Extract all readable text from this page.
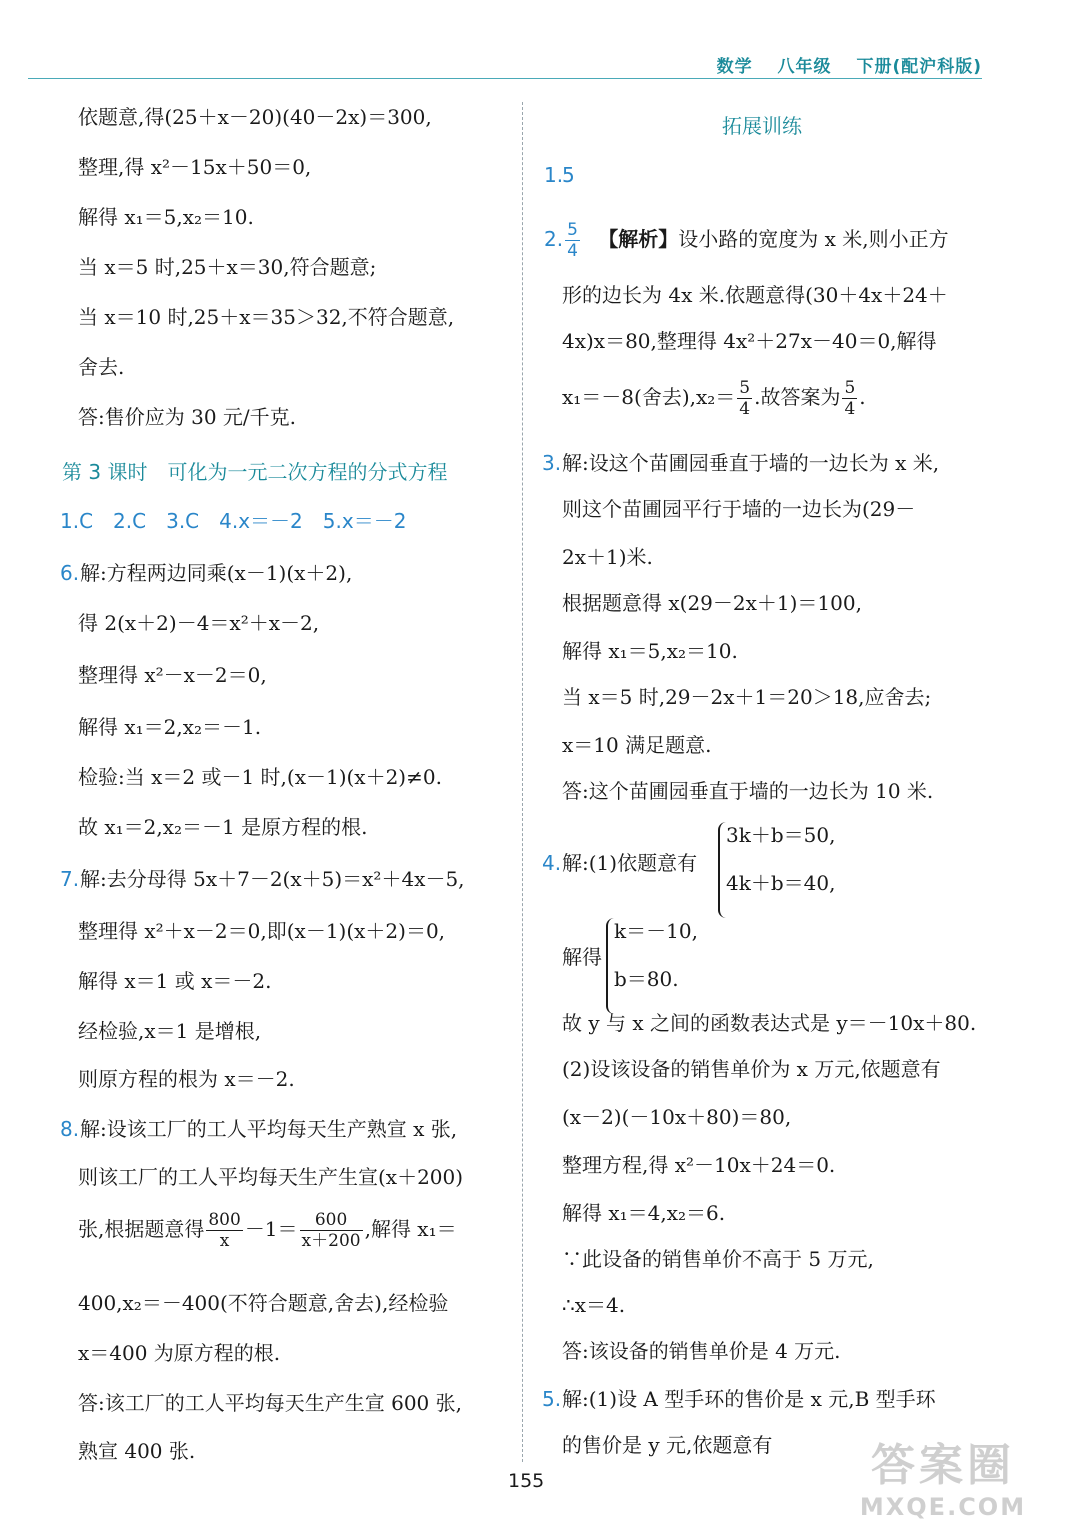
数学 八年级 下册(配沪科版)
依题意,得(25＋x－20)(40－2x)＝300,
整理,得 x²－15x＋50＝0,
解得 x₁＝5,x₂＝10.
当 x＝5 时,25＋x＝30,符合题意;
当 x＝10 时,25＋x＝35＞32,不符合题意,
舍去.
答:售价应为 30 元/千克.
第 3 课时　可化为一元二次方程的分式方程
1.C　2.C　3.C　4.x＝－2　5.x＝－2
6. 解:方程两边同乘(x－1)(x＋2),
得 2(x＋2)－4＝x²＋x－2,
整理得 x²－x－2＝0,
解得 x₁＝2,x₂＝－1.
检验:当 x＝2 或－1 时,(x－1)(x＋2)≠0.
故 x₁＝2,x₂＝－1 是原方程的根.
7. 解:去分母得 5x＋7－2(x＋5)＝x²＋4x－5,
整理得 x²＋x－2＝0,即(x－1)(x＋2)＝0,
解得 x＝1 或 x＝－2.
经检验,x＝1 是增根,
则原方程的根为 x＝－2.
8. 解:设该工厂的工人平均每天生产熟宣 x 张,
则该工厂的工人平均每天生产生宣(x＋200)
张,根据题意得 $\frac{800}{x} -1= \frac{600}{x+200}$ ,解得 x₁＝
400,x₂＝－400(不符合题意,舍去),经检验
x＝400 为原方程的根.
答:该工厂的工人平均每天生产生宣 600 张,
熟宣 400 张.
拓展训练
1.
5
2. $\frac{5}{4}$ 【解析】设小路的宽度为 x 米,则小正方
形的边长为 4x 米.依题意得(30＋4x＋24＋
4x)x＝80,整理得 4x²＋27x－40＝0,解得
x₁＝－8(舍去)$,x_2= \frac{5}{4}$ .故答案为 $\frac{5}{4}$ .
3. 解:设这个苗圃园垂直于墙的一边长为 x 米,
则这个苗圃园平行于墙的一边长为(29－
2x＋1)米.
根据题意得 x(29－2x＋1)＝100,
解得 x₁＝5,x₂＝10.
当 x＝5 时,29－2x＋1＝20＞18,应舍去;
x＝10 满足题意.
答:这个苗圃园垂直于墙的一边长为 10 米.
4. 解:(1)依题意有
3k＋b＝50,
4k＋b＝40,
解得
k＝－10,
b＝80.
故 y 与 x 之间的函数表达式是 y＝－10x＋80.
(2)设该设备的销售单价为 x 万元,依题意有
(x－2)(－10x＋80)＝80,
整理方程,得 x²－10x＋24＝0.
解得 x₁＝4,x₂＝6.
∵此设备的销售单价不高于 5 万元,
∴x＝4.
答:该设备的销售单价是 4 万元.
5. 解:(1)设 A 型手环的售价是 x 元,B 型手环
的售价是 y 元,依题意有
155	答案圈
MXQE.COM
